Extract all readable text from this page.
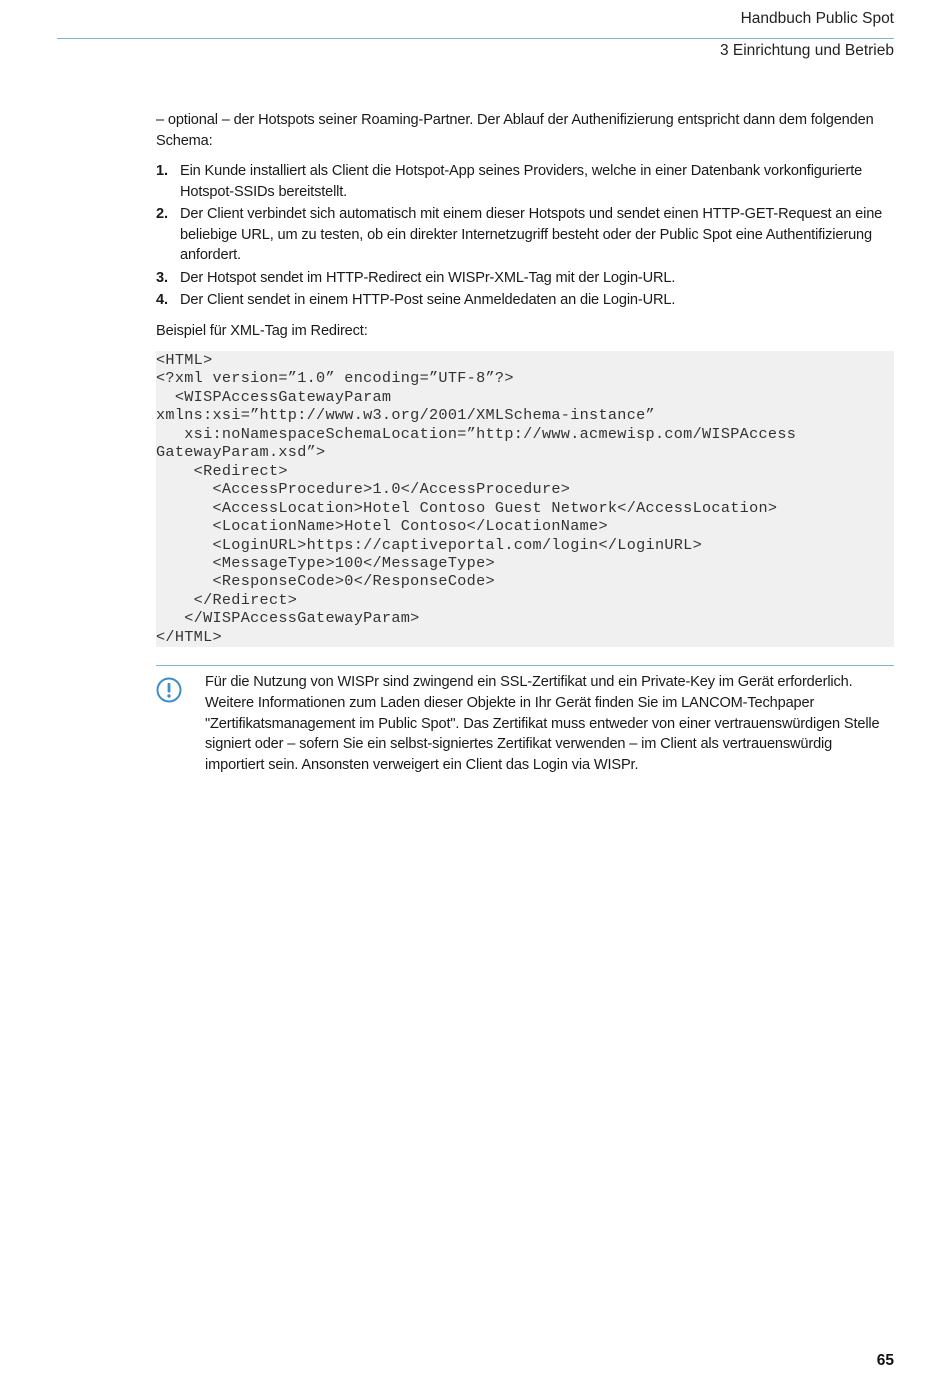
Handbuch Public Spot
3 Einrichtung und Betrieb

– optional – der Hotspots seiner Roaming-Partner. Der Ablauf der Authenifizierung entspricht dann dem folgenden Schema:

1. Ein Kunde installiert als Client die Hotspot-App seines Providers, welche in einer Datenbank vorkonfigurierte Hotspot-SSIDs bereitstellt.
2. Der Client verbindet sich automatisch mit einem dieser Hotspots und sendet einen HTTP-GET-Request an eine beliebige URL, um zu testen, ob ein direkter Internetzugriff besteht oder der Public Spot eine Authentifizierung anfordert.
3. Der Hotspot sendet im HTTP-Redirect ein WISPr-XML-Tag mit der Login-URL.
4. Der Client sendet in einem HTTP-Post seine Anmeldedaten an die Login-URL.

Beispiel für XML-Tag im Redirect:

<HTML>
<?xml version=”1.0” encoding=”UTF-8”?>
<WISPAccessGatewayParam
xmlns:xsi=”http://www.w3.org/2001/XMLSchema-instance”
xsi:noNamespaceSchemaLocation=”http://www.acmewisp.com/WISPAccess
GatewayParam.xsd”>
<Redirect>
<AccessProcedure>1.0</AccessProcedure>
<AccessLocation>Hotel Contoso Guest Network</AccessLocation>
<LocationName>Hotel Contoso</LocationName>
<LoginURL>https://captiveportal.com/login</LoginURL>
<MessageType>100</MessageType>
<ResponseCode>0</ResponseCode>
</Redirect>
</WISPAccessGatewayParam>
</HTML>
Für die Nutzung von WISPr sind zwingend ein SSL-Zertifikat und ein Private-Key im Gerät erforderlich. Weitere Informationen zum Laden dieser Objekte in Ihr Gerät finden Sie im LANCOM-Techpaper "Zertifikatsmanagement im Public Spot". Das Zertifikat muss entweder von einer vertrauenswürdigen Stelle signiert oder – sofern Sie ein selbst-signiertes Zertifikat verwenden – im Client als vertrauenswürdig importiert sein. Ansonsten verweigert ein Client das Login via WISPr.
65
